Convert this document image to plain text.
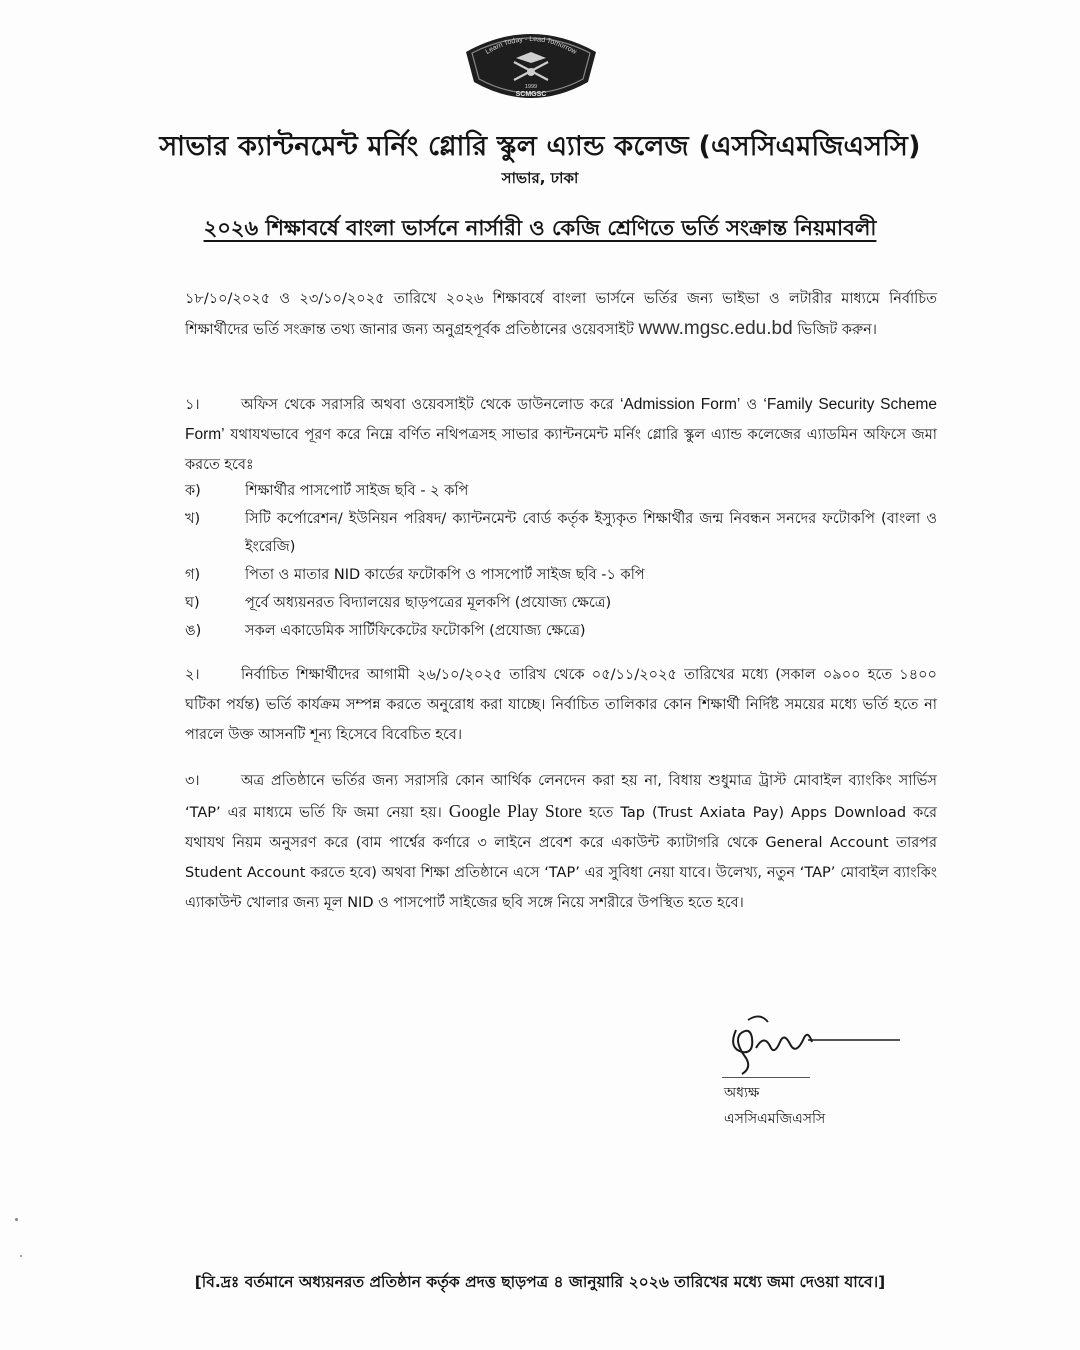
Learn Today - Lead Tomorrow
1999
SCMGSC
সাভার ক্যান্টনমেন্ট মর্নিং গ্লোরি স্কুল এ্যান্ড কলেজ (এসসিএমজিএসসি)
সাভার, ঢাকা
২০২৬ শিক্ষাবর্ষে বাংলা ভার্সনে নার্সারী ও কেজি শ্রেণিতে ভর্তি সংক্রান্ত নিয়মাবলী
১৮/১০/২০২৫ ও ২৩/১০/২০২৫ তারিখে ২০২৬ শিক্ষাবর্ষে বাংলা ভার্সনে ভর্তির জন্য ভাইভা ও লটারীর মাধ্যমে নির্বাচিত শিক্ষার্থীদের ভর্তি সংক্রান্ত তথ্য জানার জন্য অনুগ্রহপূর্বক প্রতিষ্ঠানের ওয়েবসাইট www.mgsc.edu.bd ভিজিট করুন।
১।	অফিস থেকে সরাসরি অথবা ওয়েবসাইট থেকে ডাউনলোড করে ‘Admission Form’ ও ‘Family Security Scheme Form’ যথাযথভাবে পূরণ করে নিম্নে বর্ণিত নথিপত্রসহ সাভার ক্যান্টনমেন্ট মর্নিং গ্লোরি স্কুল এ্যান্ড কলেজের এ্যাডমিন অফিসে জমা করতে হবেঃ
ক)	শিক্ষার্থীর পাসপোর্ট সাইজ ছবি - ২ কপি
খ)	সিটি কর্পোরেশন/ ইউনিয়ন পরিষদ/ ক্যান্টনমেন্ট বোর্ড কর্তৃক ইস্যুকৃত শিক্ষার্থীর জন্ম নিবন্ধন সনদের ফটোকপি (বাংলা ও ইংরেজি)
গ)	পিতা ও মাতার NID কার্ডের ফটোকপি ও পাসপোর্ট সাইজ ছবি -১ কপি
ঘ)	পূর্বে অধ্যয়নরত বিদ্যালয়ের ছাড়পত্রের মূলকপি (প্রযোজ্য ক্ষেত্রে)
ঙ)	সকল একাডেমিক সার্টিফিকেটের ফটোকপি (প্রযোজ্য ক্ষেত্রে)
২।	নির্বাচিত শিক্ষার্থীদের আগামী ২৬/১০/২০২৫ তারিখ থেকে ০৫/১১/২০২৫ তারিখের মধ্যে (সকাল ০৯০০ হতে ১৪০০ ঘটিকা পর্যন্ত) ভর্তি কার্যক্রম সম্পন্ন করতে অনুরোধ করা যাচ্ছে। নির্বাচিত তালিকার কোন শিক্ষার্থী নির্দিষ্ট সময়ের মধ্যে ভর্তি হতে না পারলে উক্ত আসনটি শূন্য হিসেবে বিবেচিত হবে।
৩।	অত্র প্রতিষ্ঠানে ভর্তির জন্য সরাসরি কোন আর্থিক লেনদেন করা হয় না, বিধায় শুধুমাত্র ট্রাস্ট মোবাইল ব্যাংকিং সার্ভিস ‘TAP’ এর মাধ্যমে ভর্তি ফি জমা নেয়া হয়। Google Play Store হতে Tap (Trust Axiata Pay) Apps Download করে যথাযথ নিয়ম অনুসরণ করে (বাম পার্শ্বের কর্ণারে ৩ লাইনে প্রবেশ করে একাউন্ট ক্যাটাগরি থেকে General Account তারপর Student Account করতে হবে) অথবা শিক্ষা প্রতিষ্ঠানে এসে ‘TAP’ এর সুবিধা নেয়া যাবে। উলেখ্য, নতুন ‘TAP’ মোবাইল ব্যাংকিং এ্যাকাউন্ট খোলার জন্য মূল NID ও পাসপোর্ট সাইজের ছবি সঙ্গে নিয়ে সশরীরে উপস্থিত হতে হবে।
অধ্যক্ষ
এসসিএমজিএসসি
[বি.দ্রঃ বর্তমানে অধ্যয়নরত প্রতিষ্ঠান কর্তৃক প্রদত্ত ছাড়পত্র ৪ জানুয়ারি ২০২৬ তারিখের মধ্যে জমা দেওয়া যাবে।]
